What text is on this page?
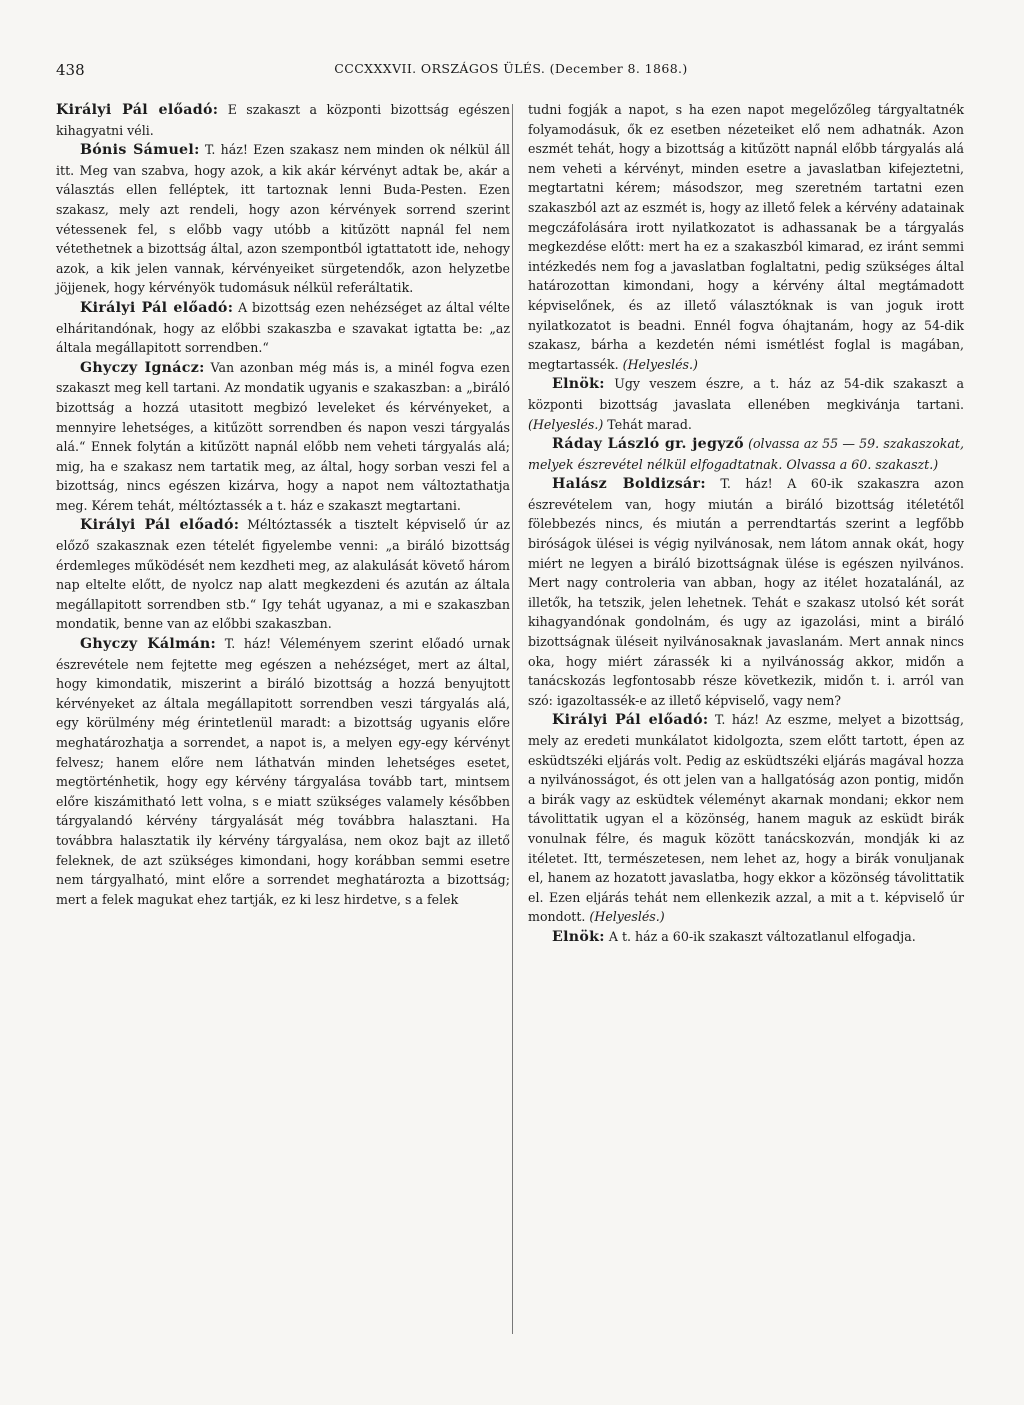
438	CCCXXXVII. ORSZÁGOS ÜLÉS. (December 8. 1868.)

Királyi Pál előadó: E szakaszt a központi bizottság egészen kihagyatni véli.

Bónis Sámuel: T. ház! Ezen szakasz nem minden ok nélkül áll itt. Meg van szabva, hogy azok, a kik akár kérvényt adtak be, akár a választás ellen felléptek, itt tartoznak lenni Buda-Pesten. Ezen szakasz, mely azt rendeli, hogy azon kérvények sorrend szerint vétessenek fel, s előbb vagy utóbb a kitűzött napnál fel nem vétethetnek a bizottság által, azon szempontból igtattatott ide, nehogy azok, a kik jelen vannak, kérvényeiket sürgetendők, azon helyzetbe jöjjenek, hogy kérvényök tudomásuk nélkül referáltatik.

Királyi Pál előadó: A bizottság ezen nehézséget az által vélte elháritandónak, hogy az előbbi szakaszba e szavakat igtatta be: „az általa megállapitott sorrendben.“

Ghyczy Ignácz: Van azonban még más is, a minél fogva ezen szakaszt meg kell tartani. Az mondatik ugyanis e szakaszban: a „biráló bizottság a hozzá utasitott megbizó leveleket és kérvényeket, a mennyire lehetséges, a kitűzött sorrendben és napon veszi tárgyalás alá.“ Ennek folytán a kitűzött napnál előbb nem veheti tárgyalás alá; mig, ha e szakasz nem tartatik meg, az által, hogy sorban veszi fel a bizottság, nincs egészen kizárva, hogy a napot nem változtathatja meg. Kérem tehát, méltóztassék a t. ház e szakaszt megtartani.

Királyi Pál előadó: Méltóztassék a tisztelt képviselő úr az előző szakasznak ezen tételét figyelembe venni: „a biráló bizottság érdemleges működését nem kezdheti meg, az alakulását követő három nap eltelte előtt, de nyolcz nap alatt megkezdeni és azután az általa megállapitott sorrendben stb.“ Igy tehát ugyanaz, a mi e szakaszban mondatik, benne van az előbbi szakaszban.

Ghyczy Kálmán: T. ház! Véleményem szerint előadó urnak észrevétele nem fejtette meg egészen a nehézséget, mert az által, hogy kimondatik, miszerint a biráló bizottság a hozzá benyujtott kérvényeket az általa megállapitott sorrendben veszi tárgyalás alá, egy körülmény még érintetlenül maradt: a bizottság ugyanis előre meghatározhatja a sorrendet, a napot is, a melyen egy-egy kérvényt felvesz; hanem előre nem láthatván minden lehetséges esetet, megtörténhetik, hogy egy kérvény tárgyalása tovább tart, mintsem előre kiszámitható lett volna, s e miatt szükséges valamely későbben tárgyalandó kérvény tárgyalását még továbbra halasztani. Ha továbbra halasztatik ily kérvény tárgyalása, nem okoz bajt az illető feleknek, de azt szükséges kimondani, hogy korábban semmi esetre nem tárgyalható, mint előre a sorrendet meghatározta a bizottság; mert a felek magukat ehez tartják, ez ki lesz hirdetve, s a felek

tudni fogják a napot, s ha ezen napot megelőzőleg tárgyaltatnék folyamodásuk, ők ez esetben nézeteiket elő nem adhatnák. Azon eszmét tehát, hogy a bizottság a kitűzött napnál előbb tárgyalás alá nem veheti a kérvényt, minden esetre a javaslatban kifejeztetni, megtartatni kérem; másodszor, meg szeretném tartatni ezen szakaszból azt az eszmét is, hogy az illető felek a kérvény adatainak megczáfolására irott nyilatkozatot is adhassanak be a tárgyalás megkezdése előtt: mert ha ez a szakaszból kimarad, ez iránt semmi intézkedés nem fog a javaslatban foglaltatni, pedig szükséges által határozottan kimondani, hogy a kérvény által megtámadott képviselőnek, és az illető választóknak is van joguk irott nyilatkozatot is beadni. Ennél fogva óhajtanám, hogy az 54-dik szakasz, bárha a kezdetén némi ismétlést foglal is magában, megtartassék. (Helyeslés.)

Elnök: Ugy veszem észre, a t. ház az 54-dik szakaszt a központi bizottság javaslata ellenében megkivánja tartani. (Helyeslés.) Tehát marad.

Ráday László gr. jegyző (olvassa az 55 — 59. szakaszokat, melyek észrevétel nélkül elfogadtatnak. Olvassa a 60. szakaszt.)

Halász Boldizsár: T. ház! A 60-ik szakaszra azon észrevételem van, hogy miután a biráló bizottság itéletétől fölebbezés nincs, és miután a perrendtartás szerint a legfőbb biróságok ülései is végig nyilvánosak, nem látom annak okát, hogy miért ne legyen a biráló bizottságnak ülése is egészen nyilvános. Mert nagy controleria van abban, hogy az itélet hozatalánál, az illetők, ha tetszik, jelen lehetnek. Tehát e szakasz utolsó két sorát kihagyandónak gondolnám, és ugy az igazolási, mint a biráló bizottságnak üléseit nyilvánosaknak javaslanám. Mert annak nincs oka, hogy miért zárassék ki a nyilvánosság akkor, midőn a tanácskozás legfontosabb része következik, midőn t. i. arról van szó: igazoltassék-e az illető képviselő, vagy nem?

Királyi Pál előadó: T. ház! Az eszme, melyet a bizottság, mely az eredeti munkálatot kidolgozta, szem előtt tartott, épen az esküdtszéki eljárás volt. Pedig az esküdtszéki eljárás magával hozza a nyilvánosságot, és ott jelen van a hallgatóság azon pontig, midőn a birák vagy az esküdtek véleményt akarnak mondani; ekkor nem távolittatik ugyan el a közönség, hanem maguk az esküdt birák vonulnak félre, és maguk között tanácskozván, mondják ki az itéletet. Itt, természetesen, nem lehet az, hogy a birák vonuljanak el, hanem az hozatott javaslatba, hogy ekkor a közönség távolittatik el. Ezen eljárás tehát nem ellenkezik azzal, a mit a t. képviselő úr mondott. (Helyeslés.)

Elnök: A t. ház a 60-ik szakaszt változatlanul elfogadja.
